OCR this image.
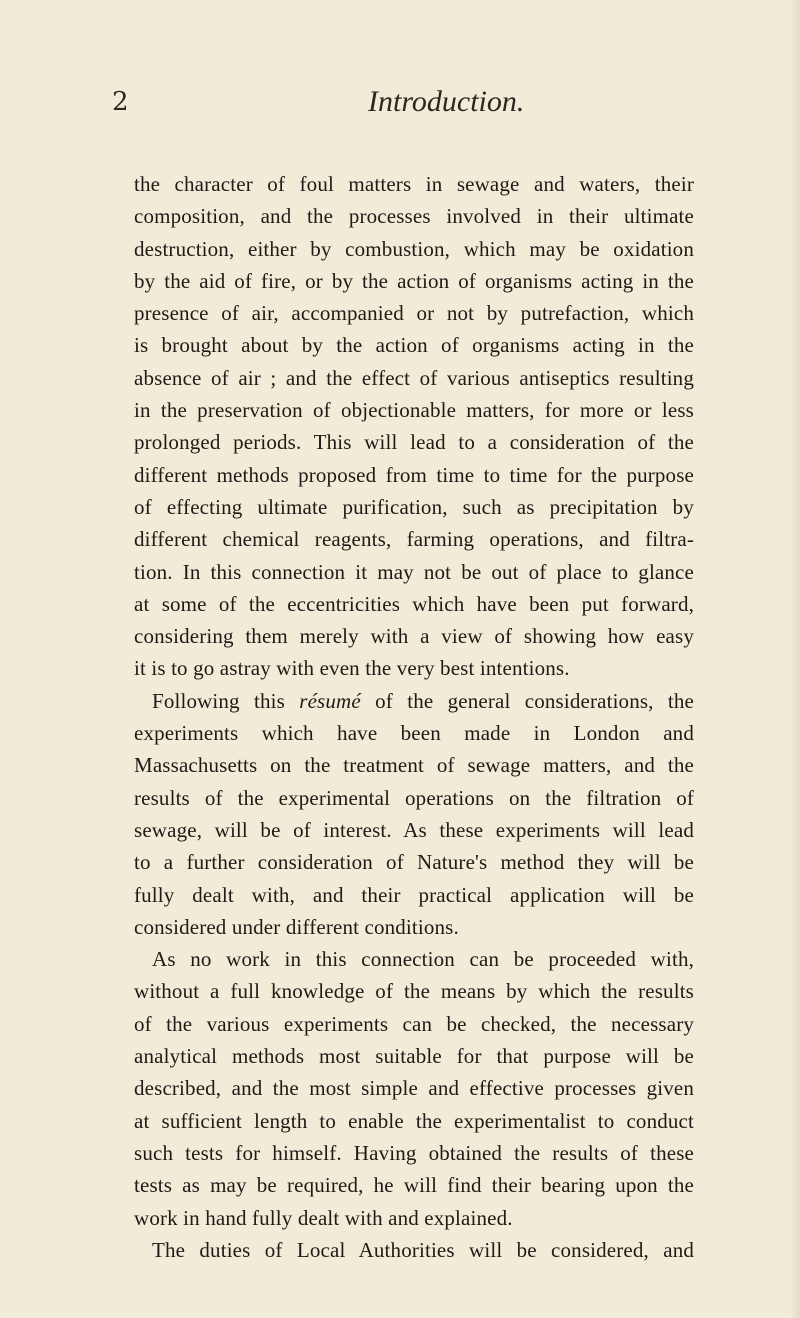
2	Introduction.
the character of foul matters in sewage and waters, their
composition, and the processes involved in their ultimate
destruction, either by combustion, which may be oxidation
by the aid of fire, or by the action of organisms acting in the
presence of air, accompanied or not by putrefaction, which
is brought about by the action of organisms acting in the
absence of air ; and the effect of various antiseptics resulting
in the preservation of objectionable matters, for more or less
prolonged periods. This will lead to a consideration of the
different methods proposed from time to time for the purpose
of effecting ultimate purification, such as precipitation by
different chemical reagents, farming operations, and filtra-
tion. In this connection it may not be out of place to glance
at some of the eccentricities which have been put forward,
considering them merely with a view of showing how easy
it is to go astray with even the very best intentions.
Following this résumé of the general considerations, the
experiments which have been made in London and
Massachusetts on the treatment of sewage matters, and the
results of the experimental operations on the filtration of
sewage, will be of interest. As these experiments will lead
to a further consideration of Nature's method they will be
fully dealt with, and their practical application will be
considered under different conditions.
As no work in this connection can be proceeded with,
without a full knowledge of the means by which the results
of the various experiments can be checked, the necessary
analytical methods most suitable for that purpose will be
described, and the most simple and effective processes given
at sufficient length to enable the experimentalist to conduct
such tests for himself. Having obtained the results of these
tests as may be required, he will find their bearing upon the
work in hand fully dealt with and explained.
The duties of Local Authorities will be considered, and
